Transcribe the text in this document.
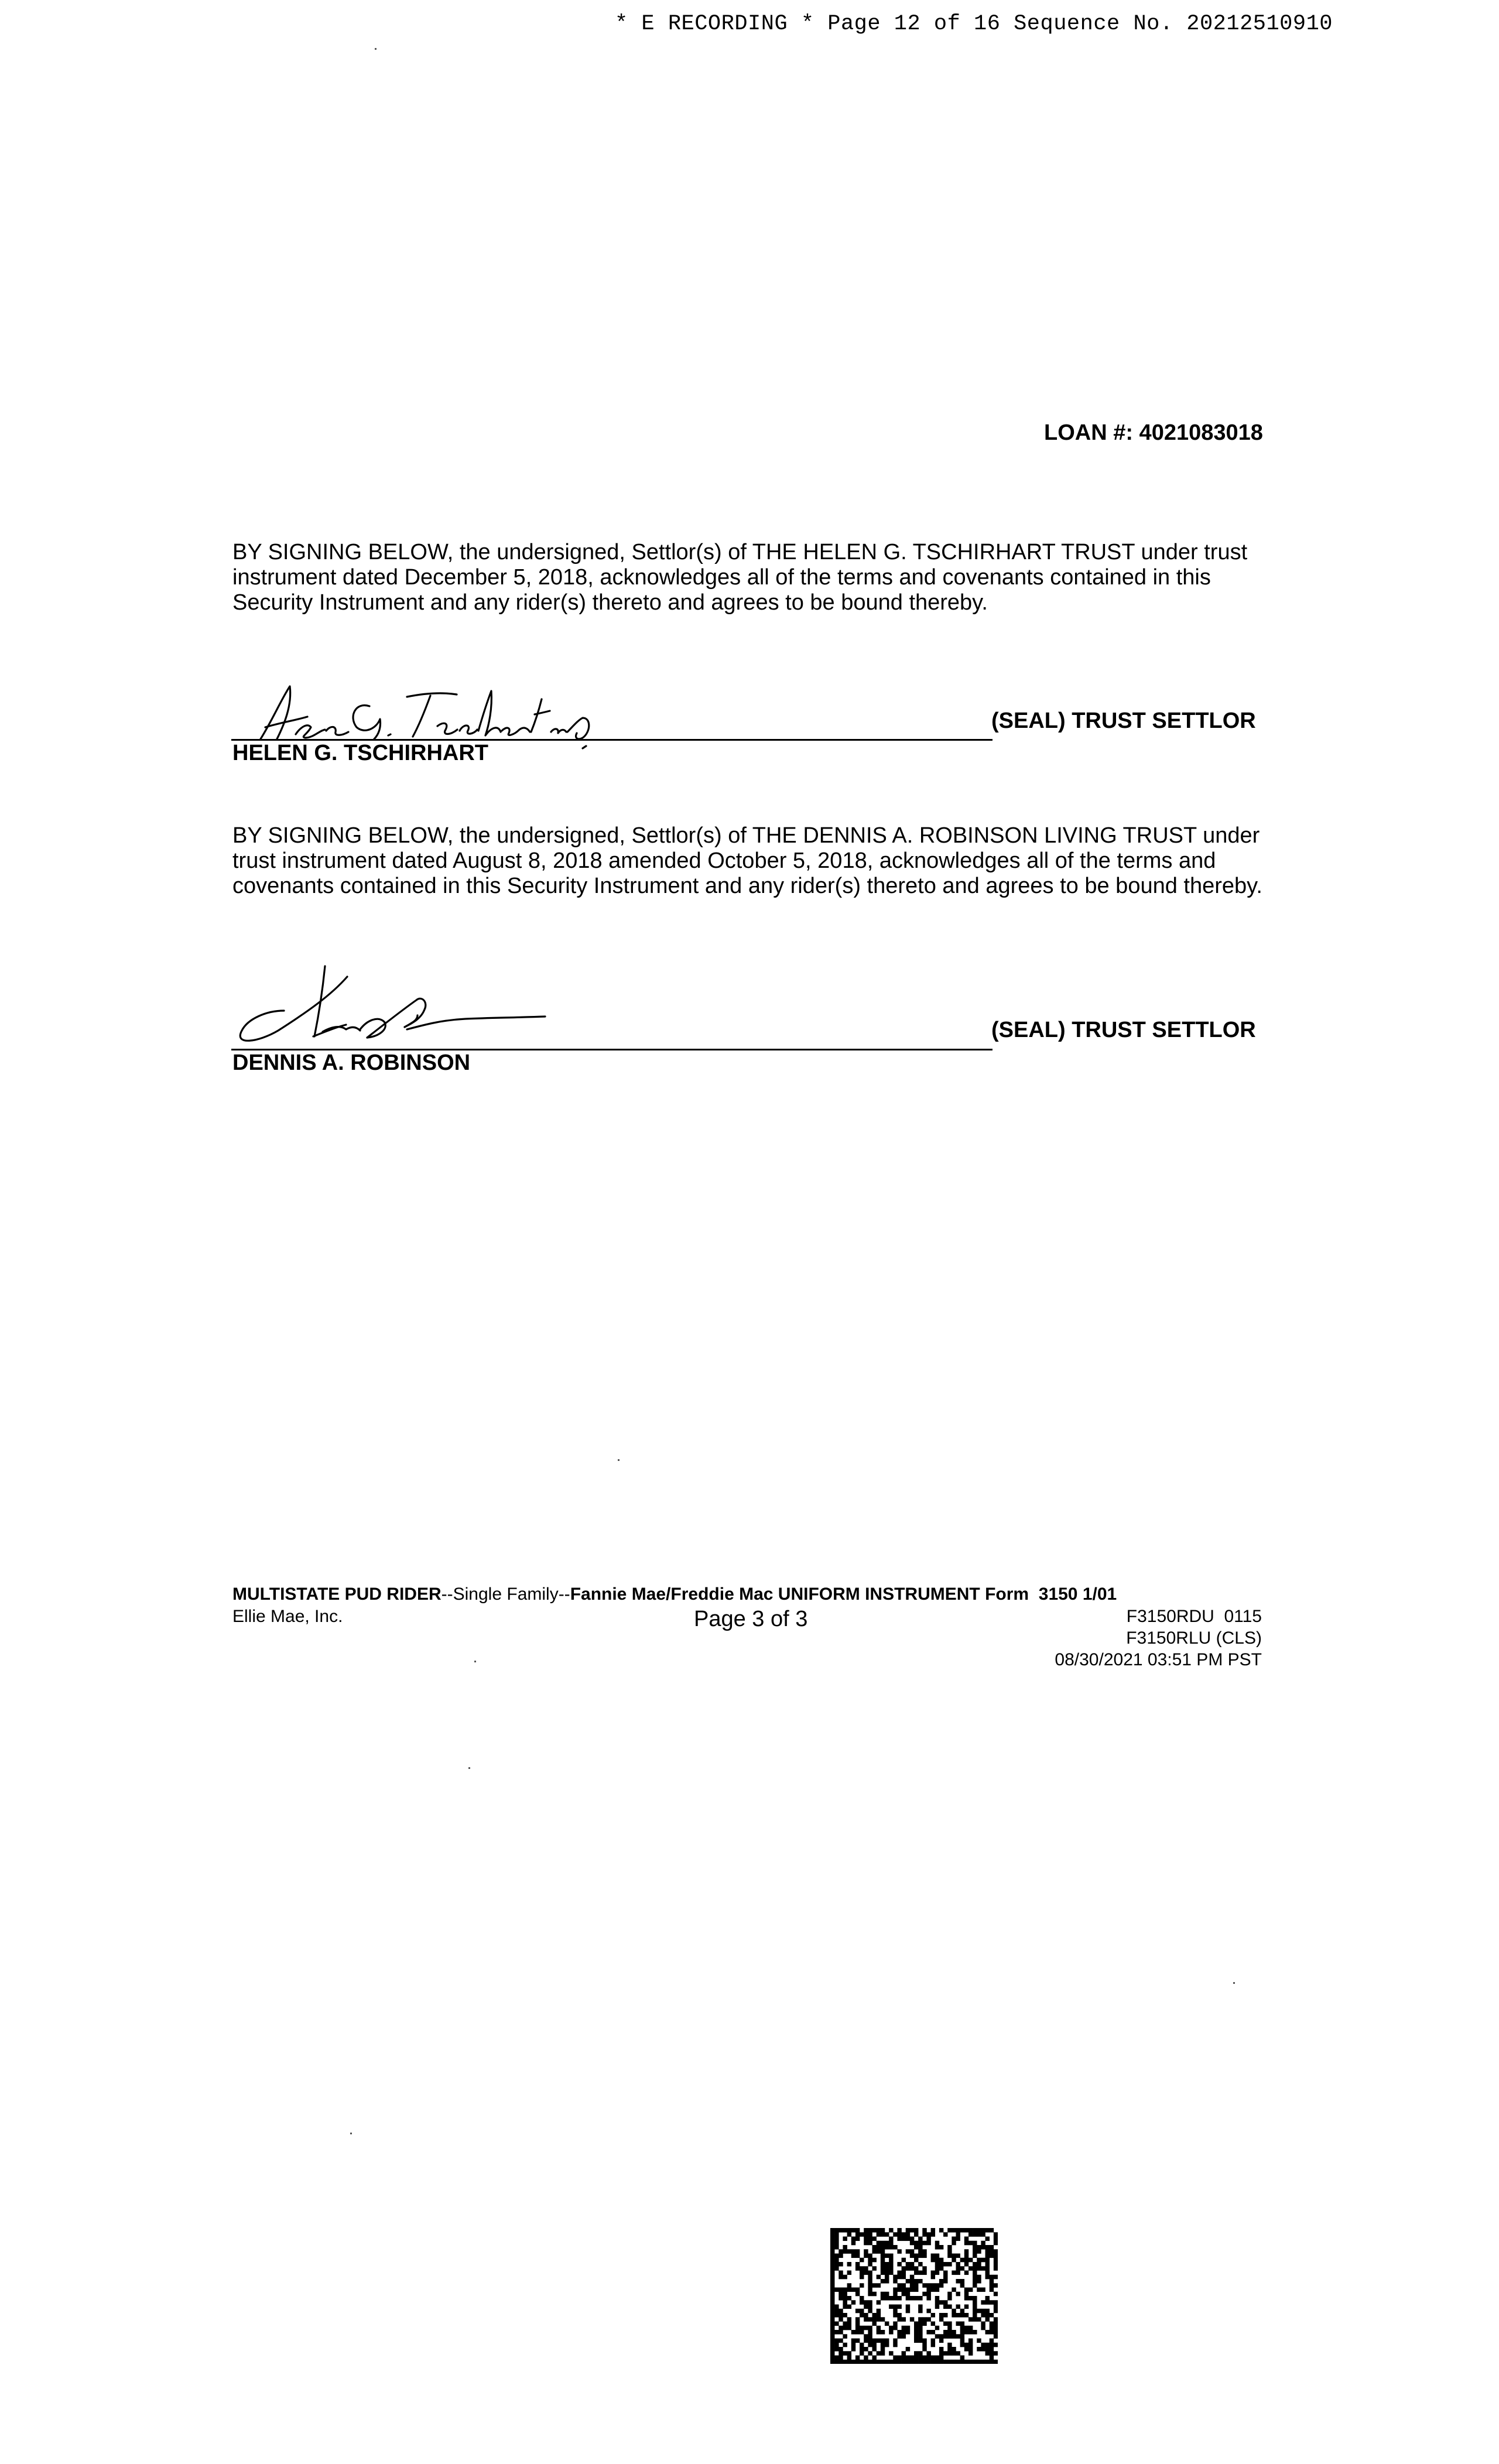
* E RECORDING * Page 12 of 16 Sequence No. 20212510910
LOAN #: 4021083018
BY SIGNING BELOW, the undersigned, Settlor(s) of THE HELEN G. TSCHIRHART TRUST under trust instrument dated December 5, 2018, acknowledges all of the terms and covenants contained in this Security Instrument and any rider(s) thereto and agrees to be bound thereby.
(SEAL) TRUST SETTLOR
HELEN G. TSCHIRHART
BY SIGNING BELOW, the undersigned, Settlor(s) of THE DENNIS A. ROBINSON LIVING TRUST under trust instrument dated August 8, 2018 amended October 5, 2018, acknowledges all of the terms and covenants contained in this Security Instrument and any rider(s) thereto and agrees to be bound thereby.
(SEAL) TRUST SETTLOR
DENNIS A. ROBINSON
MULTISTATE PUD RIDER--Single Family--Fannie Mae/Freddie Mac UNIFORM INSTRUMENT Form  3150 1/01
Ellie Mae, Inc.	Page 3 of 3	F3150RDU  0115
F3150RLU (CLS)
08/30/2021 03:51 PM PST
